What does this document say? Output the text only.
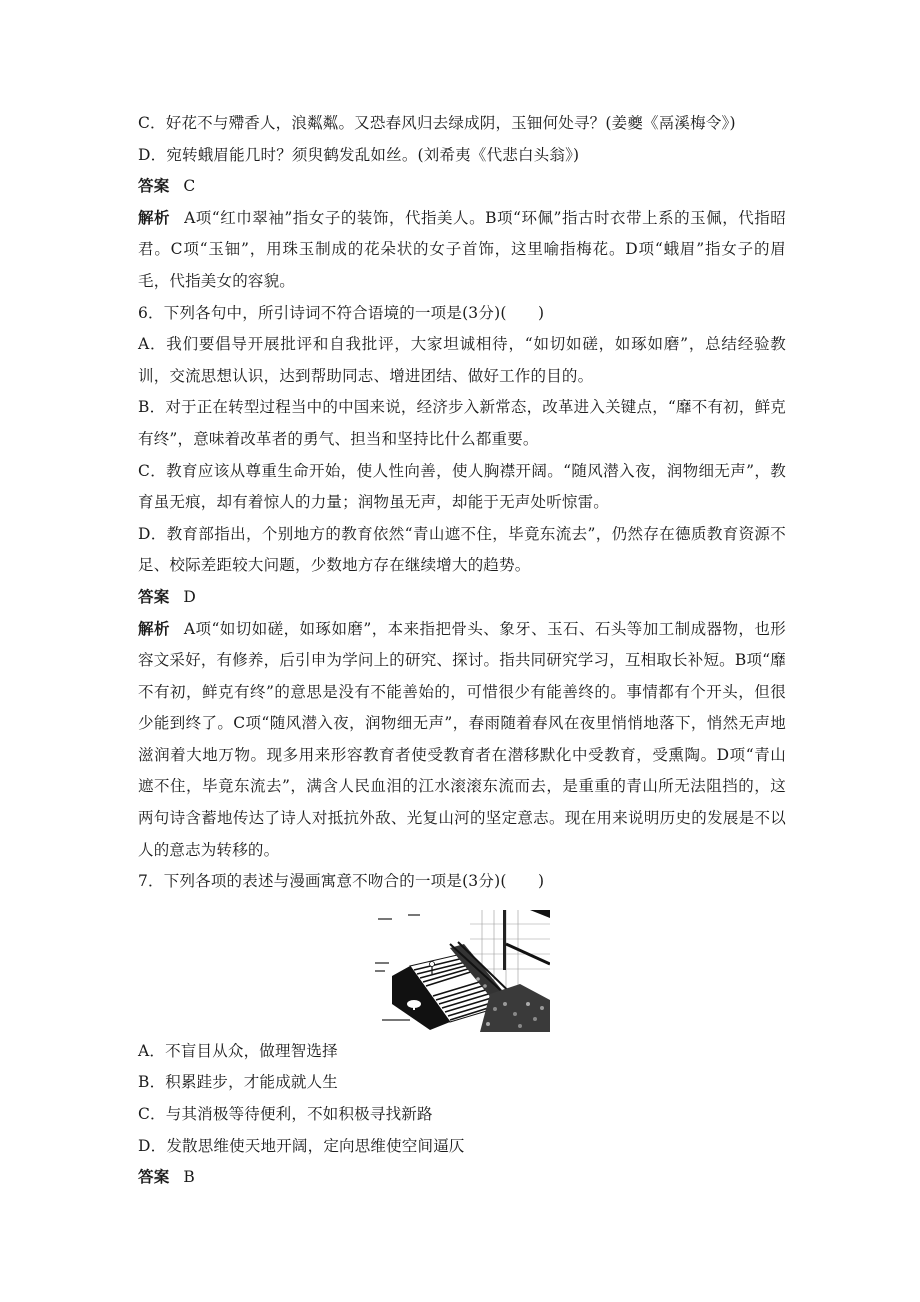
C．好花不与殢香人，浪粼粼。又恐春风归去绿成阴，玉钿何处寻？(姜夔《鬲溪梅令》)
D．宛转蛾眉能几时？须臾鹤发乱如丝。(刘希夷《代悲白头翁》)
答案 C
解析 A项“红巾翠袖”指女子的装饰，代指美人。B项“环佩”指古时衣带上系的玉佩，代指昭君。C项“玉钿”，用珠玉制成的花朵状的女子首饰，这里喻指梅花。D项“蛾眉”指女子的眉毛，代指美女的容貌。
6．下列各句中，所引诗词不符合语境的一项是(3分)(　　)
A．我们要倡导开展批评和自我批评，大家坦诚相待，“如切如磋，如琢如磨”，总结经验教训，交流思想认识，达到帮助同志、增进团结、做好工作的目的。
B．对于正在转型过程当中的中国来说，经济步入新常态，改革进入关键点，“靡不有初，鲜克有终”，意味着改革者的勇气、担当和坚持比什么都重要。
C．教育应该从尊重生命开始，使人性向善，使人胸襟开阔。“随风潜入夜，润物细无声”，教育虽无痕，却有着惊人的力量；润物虽无声，却能于无声处听惊雷。
D．教育部指出，个别地方的教育依然“青山遮不住，毕竟东流去”，仍然存在德质教育资源不足、校际差距较大问题，少数地方存在继续增大的趋势。
答案 D
解析 A项“如切如磋，如琢如磨”，本来指把骨头、象牙、玉石、石头等加工制成器物，也形容文采好，有修养，后引申为学问上的研究、探讨。指共同研究学习，互相取长补短。B项“靡不有初，鲜克有终”的意思是没有不能善始的，可惜很少有能善终的。事情都有个开头，但很少能到终了。C项“随风潜入夜，润物细无声”，春雨随着春风在夜里悄悄地落下，悄然无声地滋润着大地万物。现多用来形容教育者使受教育者在潜移默化中受教育，受熏陶。D项“青山遮不住，毕竟东流去”，满含人民血泪的江水滚滚东流而去，是重重的青山所无法阻挡的，这两句诗含蓄地传达了诗人对抵抗外敌、光复山河的坚定意志。现在用来说明历史的发展是不以人的意志为转移的。
7．下列各项的表述与漫画寓意不吻合的一项是(3分)(　　)
A．不盲目从众，做理智选择
B．积累跬步，才能成就人生
C．与其消极等待便利，不如积极寻找新路
D．发散思维使天地开阔，定向思维使空间逼仄
答案 B
